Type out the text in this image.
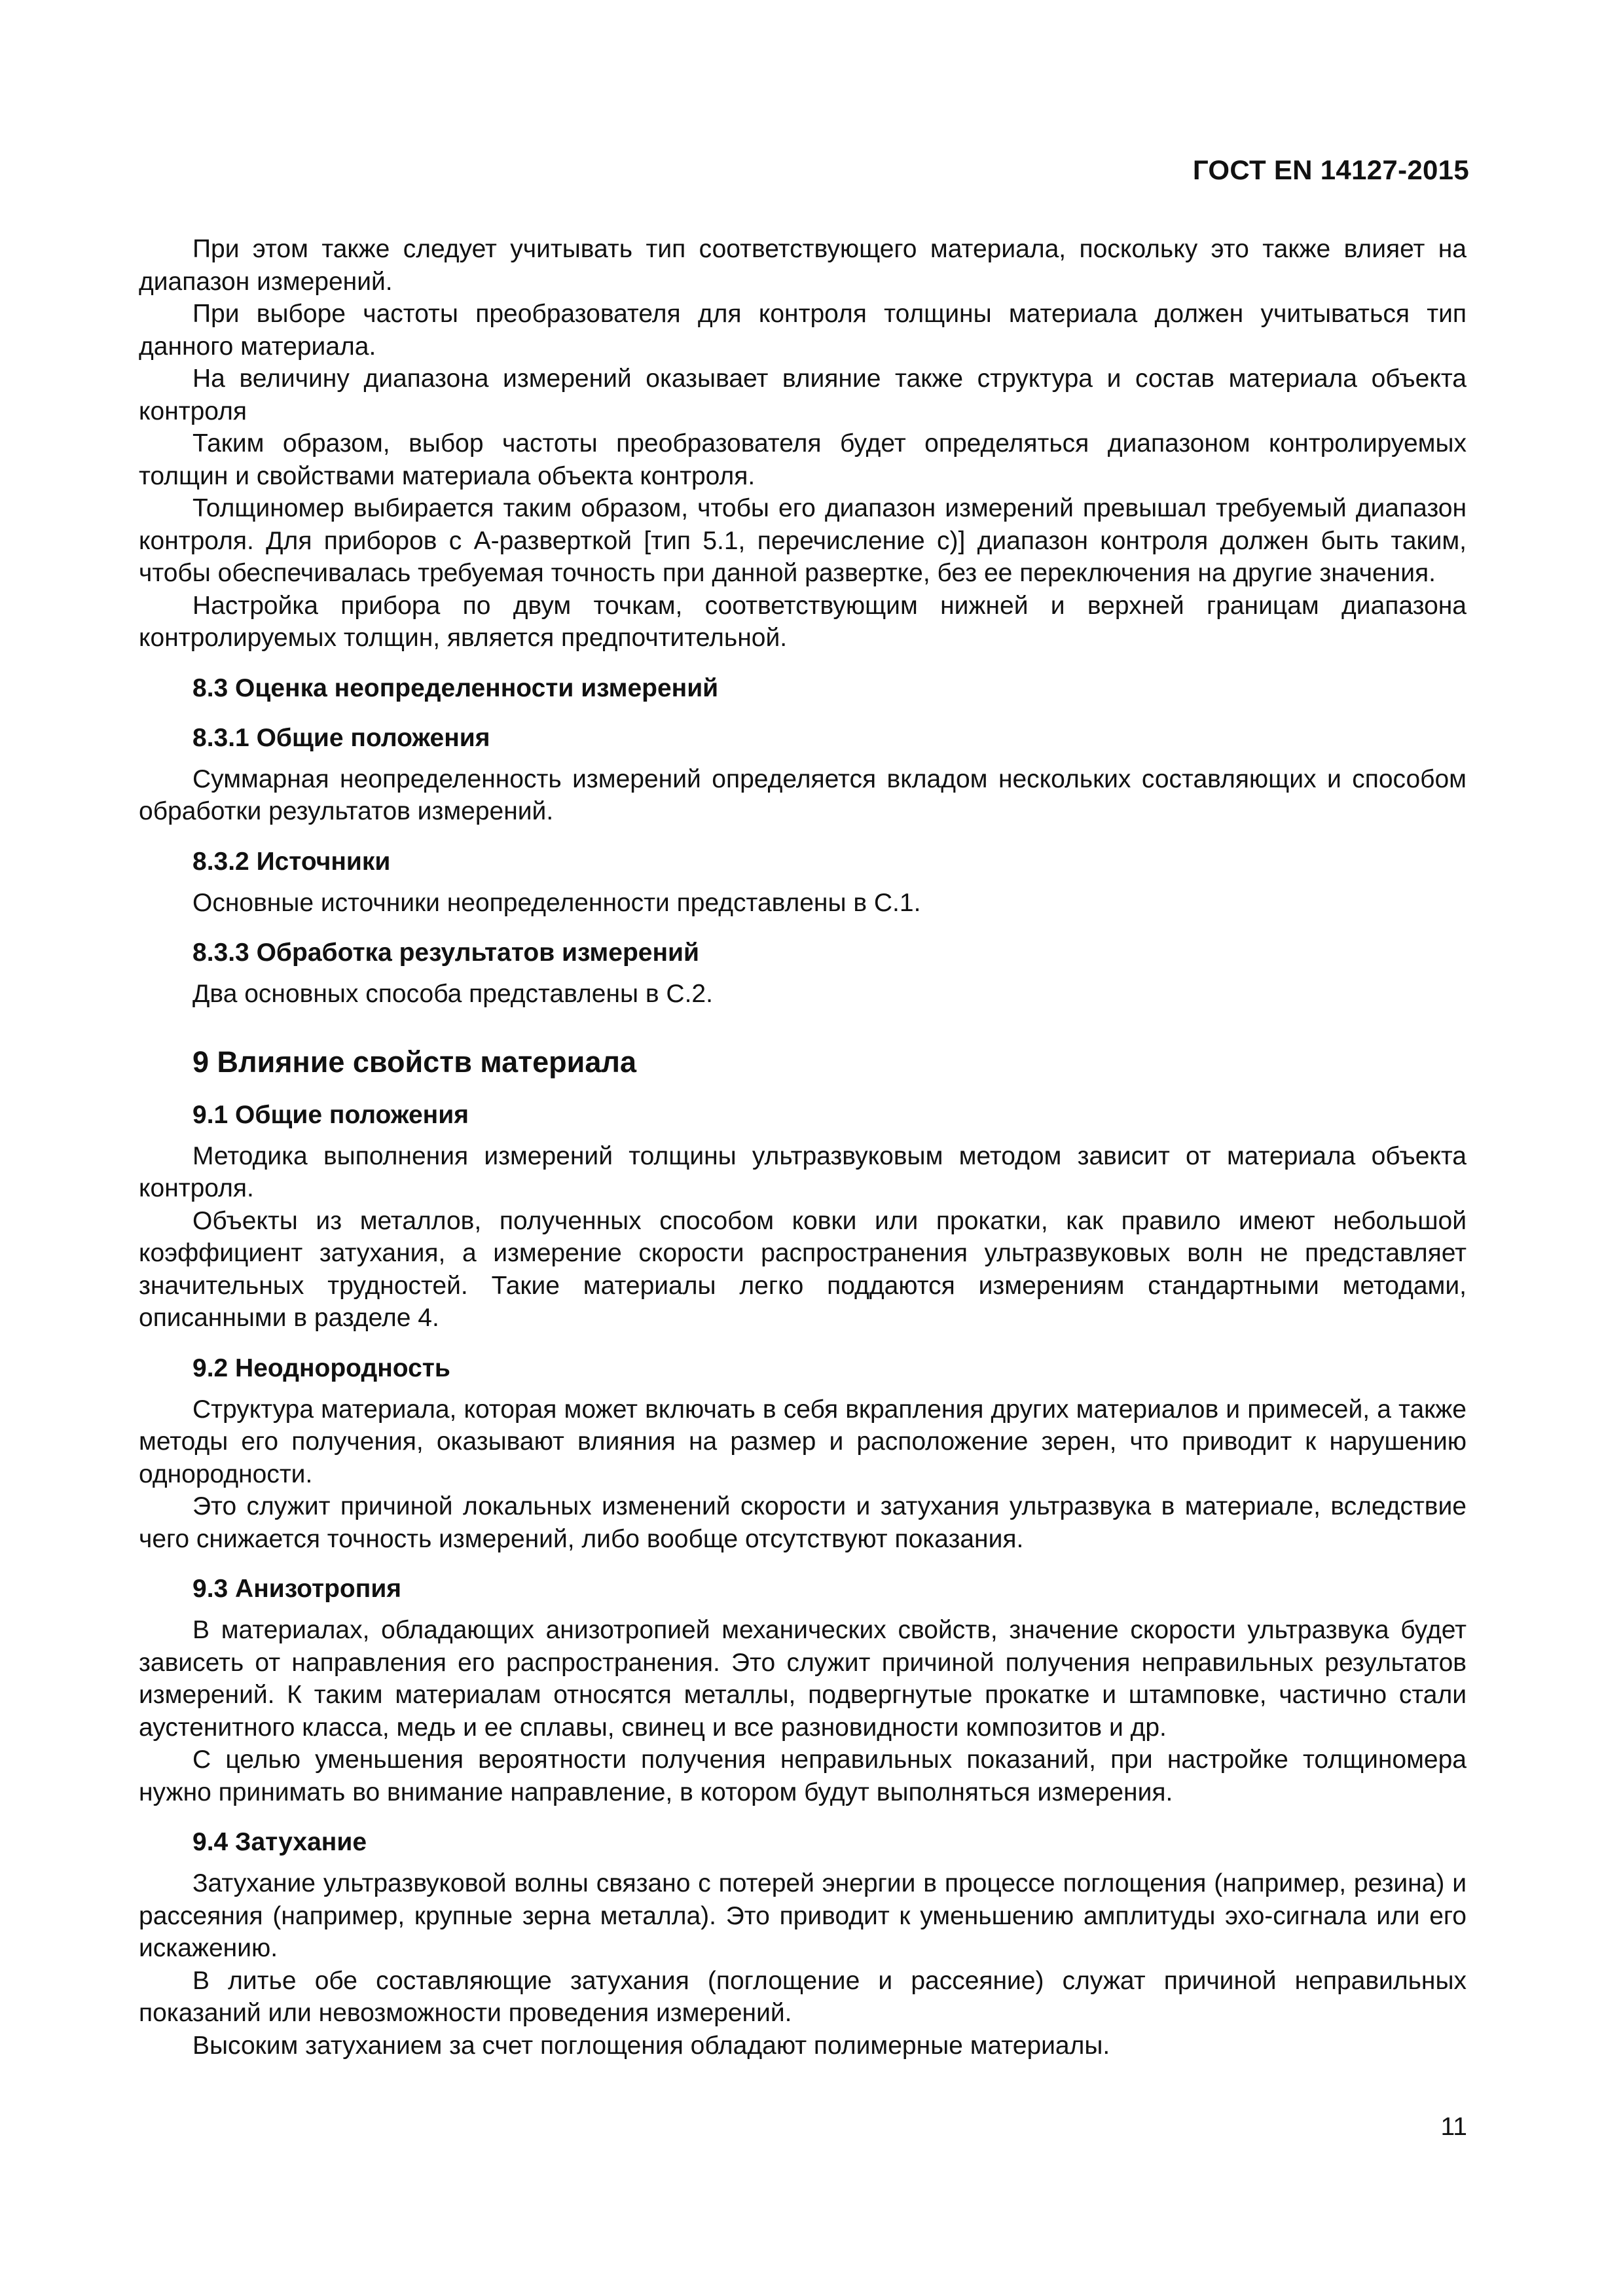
ГОСТ EN 14127-2015

При этом также следует учитывать тип соответствующего материала, поскольку это также влияет на диапазон измерений.

При выборе частоты преобразователя для контроля толщины материала должен учитываться тип данного материала.

На величину диапазона измерений оказывает влияние также структура и состав материала объекта контроля

Таким образом, выбор частоты преобразователя будет определяться диапазоном контролируемых толщин и свойствами материала объекта контроля.

Толщиномер выбирается таким образом, чтобы его диапазон измерений превышал требуемый диапазон контроля. Для приборов с А-разверткой [тип 5.1, перечисление с)] диапазон контроля должен быть таким, чтобы обеспечивалась требуемая точность при данной развертке, без ее переключения на другие значения.

Настройка прибора по двум точкам, соответствующим нижней и верхней границам диапазона контролируемых толщин, является предпочтительной.

8.3 Оценка неопределенности измерений
8.3.1 Общие положения

Суммарная неопределенность измерений определяется вкладом нескольких составляющих и способом обработки результатов измерений.

8.3.2 Источники

Основные источники неопределенности представлены в С.1.

8.3.3 Обработка результатов измерений

Два основных способа представлены в С.2.

9 Влияние свойств материала
9.1 Общие положения

Методика выполнения измерений толщины ультразвуковым методом зависит от материала объекта контроля.

Объекты из металлов, полученных способом ковки или прокатки, как правило имеют небольшой коэффициент затухания, а измерение скорости распространения ультразвуковых волн не представляет значительных трудностей. Такие материалы легко поддаются измерениям стандартными методами, описанными в разделе 4.

9.2 Неоднородность

Структура материала, которая может включать в себя вкрапления других материалов и примесей, а также методы его получения, оказывают влияния на размер и расположение зерен, что приводит к нарушению однородности.

Это служит причиной локальных изменений скорости и затухания ультразвука в материале, вследствие чего снижается точность измерений, либо вообще отсутствуют показания.

9.3 Анизотропия

В материалах, обладающих анизотропией механических свойств, значение скорости ультразвука будет зависеть от направления его распространения. Это служит причиной получения неправильных результатов измерений. К таким материалам относятся металлы, подвергнутые прокатке и штамповке, частично стали аустенитного класса, медь и ее сплавы, свинец и все разновидности композитов и др.

С целью уменьшения вероятности получения неправильных показаний, при настройке толщиномера нужно принимать во внимание направление, в котором будут выполняться измерения.

9.4 Затухание

Затухание ультразвуковой волны связано с потерей энергии в процессе поглощения (например, резина) и рассеяния (например, крупные зерна металла). Это приводит к уменьшению амплитуды эхо-сигнала или его искажению.

В литье обе составляющие затухания (поглощение и рассеяние) служат причиной неправильных показаний или невозможности проведения измерений.

Высоким затуханием за счет поглощения обладают полимерные материалы.

11
